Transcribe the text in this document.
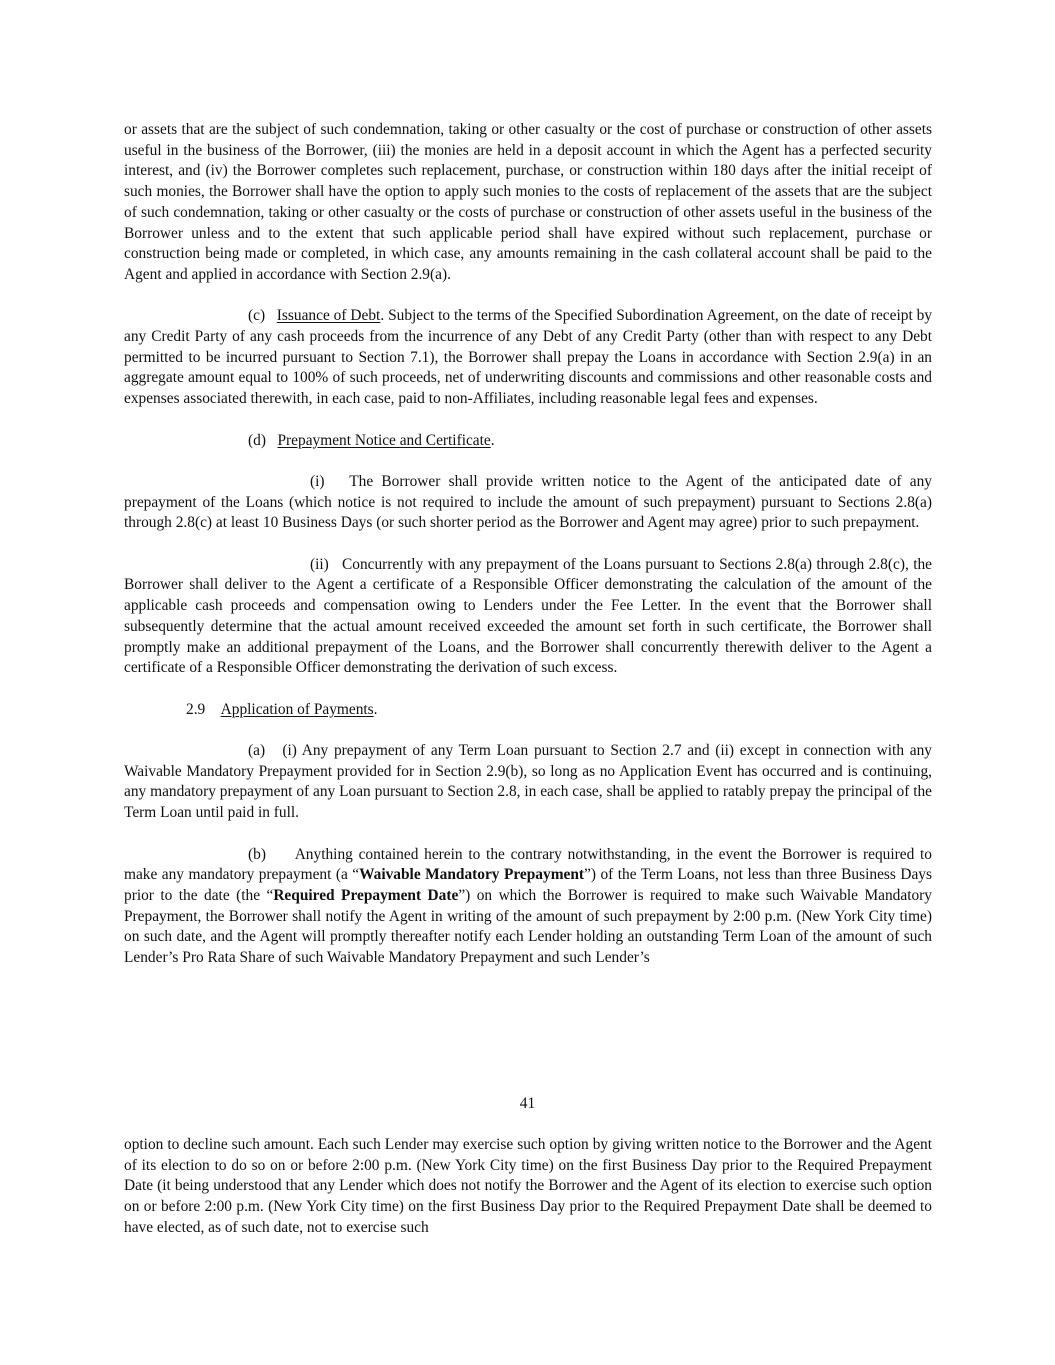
or assets that are the subject of such condemnation, taking or other casualty or the cost of purchase or construction of other assets useful in the business of the Borrower, (iii) the monies are held in a deposit account in which the Agent has a perfected security interest, and (iv) the Borrower completes such replacement, purchase, or construction within 180 days after the initial receipt of such monies, the Borrower shall have the option to apply such monies to the costs of replacement of the assets that are the subject of such condemnation, taking or other casualty or the costs of purchase or construction of other assets useful in the business of the Borrower unless and to the extent that such applicable period shall have expired without such replacement, purchase or construction being made or completed, in which case, any amounts remaining in the cash collateral account shall be paid to the Agent and applied in accordance with Section 2.9(a).

(c) Issuance of Debt. Subject to the terms of the Specified Subordination Agreement, on the date of receipt by any Credit Party of any cash proceeds from the incurrence of any Debt of any Credit Party (other than with respect to any Debt permitted to be incurred pursuant to Section 7.1), the Borrower shall prepay the Loans in accordance with Section 2.9(a) in an aggregate amount equal to 100% of such proceeds, net of underwriting discounts and commissions and other reasonable costs and expenses associated therewith, in each case, paid to non-Affiliates, including reasonable legal fees and expenses.

(d) Prepayment Notice and Certificate.

(i) The Borrower shall provide written notice to the Agent of the anticipated date of any prepayment of the Loans (which notice is not required to include the amount of such prepayment) pursuant to Sections 2.8(a) through 2.8(c) at least 10 Business Days (or such shorter period as the Borrower and Agent may agree) prior to such prepayment.

(ii) Concurrently with any prepayment of the Loans pursuant to Sections 2.8(a) through 2.8(c), the Borrower shall deliver to the Agent a certificate of a Responsible Officer demonstrating the calculation of the amount of the applicable cash proceeds and compensation owing to Lenders under the Fee Letter. In the event that the Borrower shall subsequently determine that the actual amount received exceeded the amount set forth in such certificate, the Borrower shall promptly make an additional prepayment of the Loans, and the Borrower shall concurrently therewith deliver to the Agent a certificate of a Responsible Officer demonstrating the derivation of such excess.

2.9 Application of Payments.

(a) (i) Any prepayment of any Term Loan pursuant to Section 2.7 and (ii) except in connection with any Waivable Mandatory Prepayment provided for in Section 2.9(b), so long as no Application Event has occurred and is continuing, any mandatory prepayment of any Loan pursuant to Section 2.8, in each case, shall be applied to ratably prepay the principal of the Term Loan until paid in full.

(b) Anything contained herein to the contrary notwithstanding, in the event the Borrower is required to make any mandatory prepayment (a “Waivable Mandatory Prepayment”) of the Term Loans, not less than three Business Days prior to the date (the “Required Prepayment Date”) on which the Borrower is required to make such Waivable Mandatory Prepayment, the Borrower shall notify the Agent in writing of the amount of such prepayment by 2:00 p.m. (New York City time) on such date, and the Agent will promptly thereafter notify each Lender holding an outstanding Term Loan of the amount of such Lender’s Pro Rata Share of such Waivable Mandatory Prepayment and such Lender’s

41

option to decline such amount. Each such Lender may exercise such option by giving written notice to the Borrower and the Agent of its election to do so on or before 2:00 p.m. (New York City time) on the first Business Day prior to the Required Prepayment Date (it being understood that any Lender which does not notify the Borrower and the Agent of its election to exercise such option on or before 2:00 p.m. (New York City time) on the first Business Day prior to the Required Prepayment Date shall be deemed to have elected, as of such date, not to exercise such
